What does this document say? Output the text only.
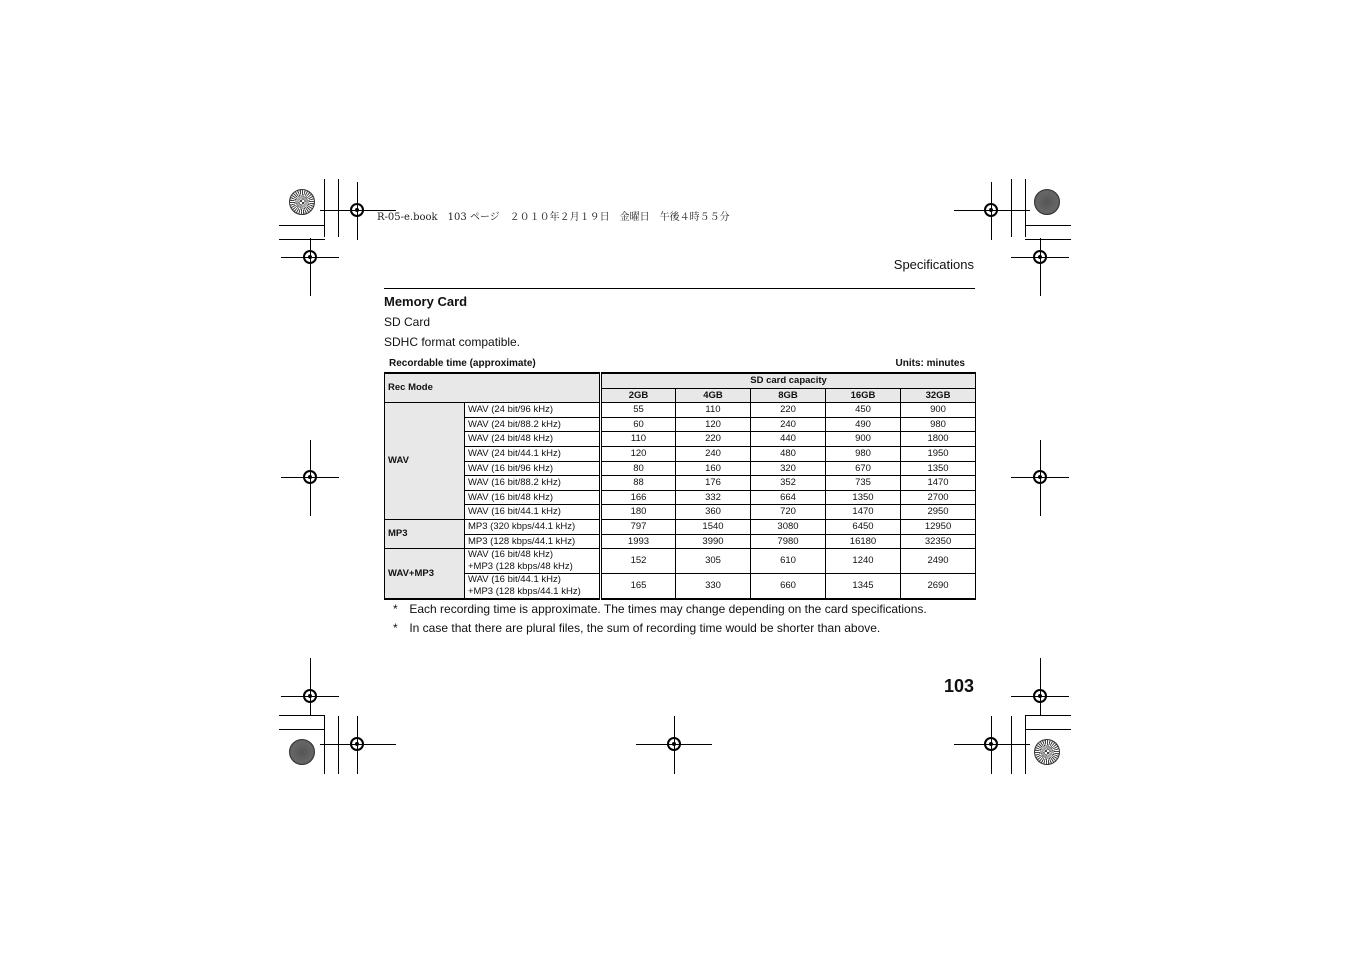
R-05-e.book　103 ページ　２０１０年２月１９日　金曜日　午後４時５５分
Specifications
Memory Card
SD Card
SDHC format compatible.
Recordable time (approximate)	Units: minutes
Rec Mode		SD card capacity				
		2GB	4GB	8GB	16GB	32GB
WAV	WAV (24 bit/96 kHz)	55	110	220	450	900

	WAV (24 bit/88.2 kHz)	60	120	240	490	980

	WAV (24 bit/48 kHz)	110	220	440	900	1800

	WAV (24 bit/44.1 kHz)	120	240	480	980	1950

	WAV (16 bit/96 kHz)	80	160	320	670	1350

	WAV (16 bit/88.2 kHz)	88	176	352	735	1470

	WAV (16 bit/48 kHz)	166	332	664	1350	2700

	WAV (16 bit/44.1 kHz)	180	360	720	1470	2950
MP3	MP3 (320 kbps/44.1 kHz)	797	1540	3080	6450	12950

	MP3 (128 kbps/44.1 kHz)	1993	3990	7980	16180	32350
WAV+MP3	WAV (16 bit/48 kHz)
+MP3 (128 kbps/48 kHz)	152	305	610	1240	2490

	WAV (16 bit/44.1 kHz)
+MP3 (128 kbps/44.1 kHz)	165	330	660	1345	2690
* Each recording time is approximate. The times may change depending on the card specifications.
* In case that there are plural files, the sum of recording time would be shorter than above.
103
